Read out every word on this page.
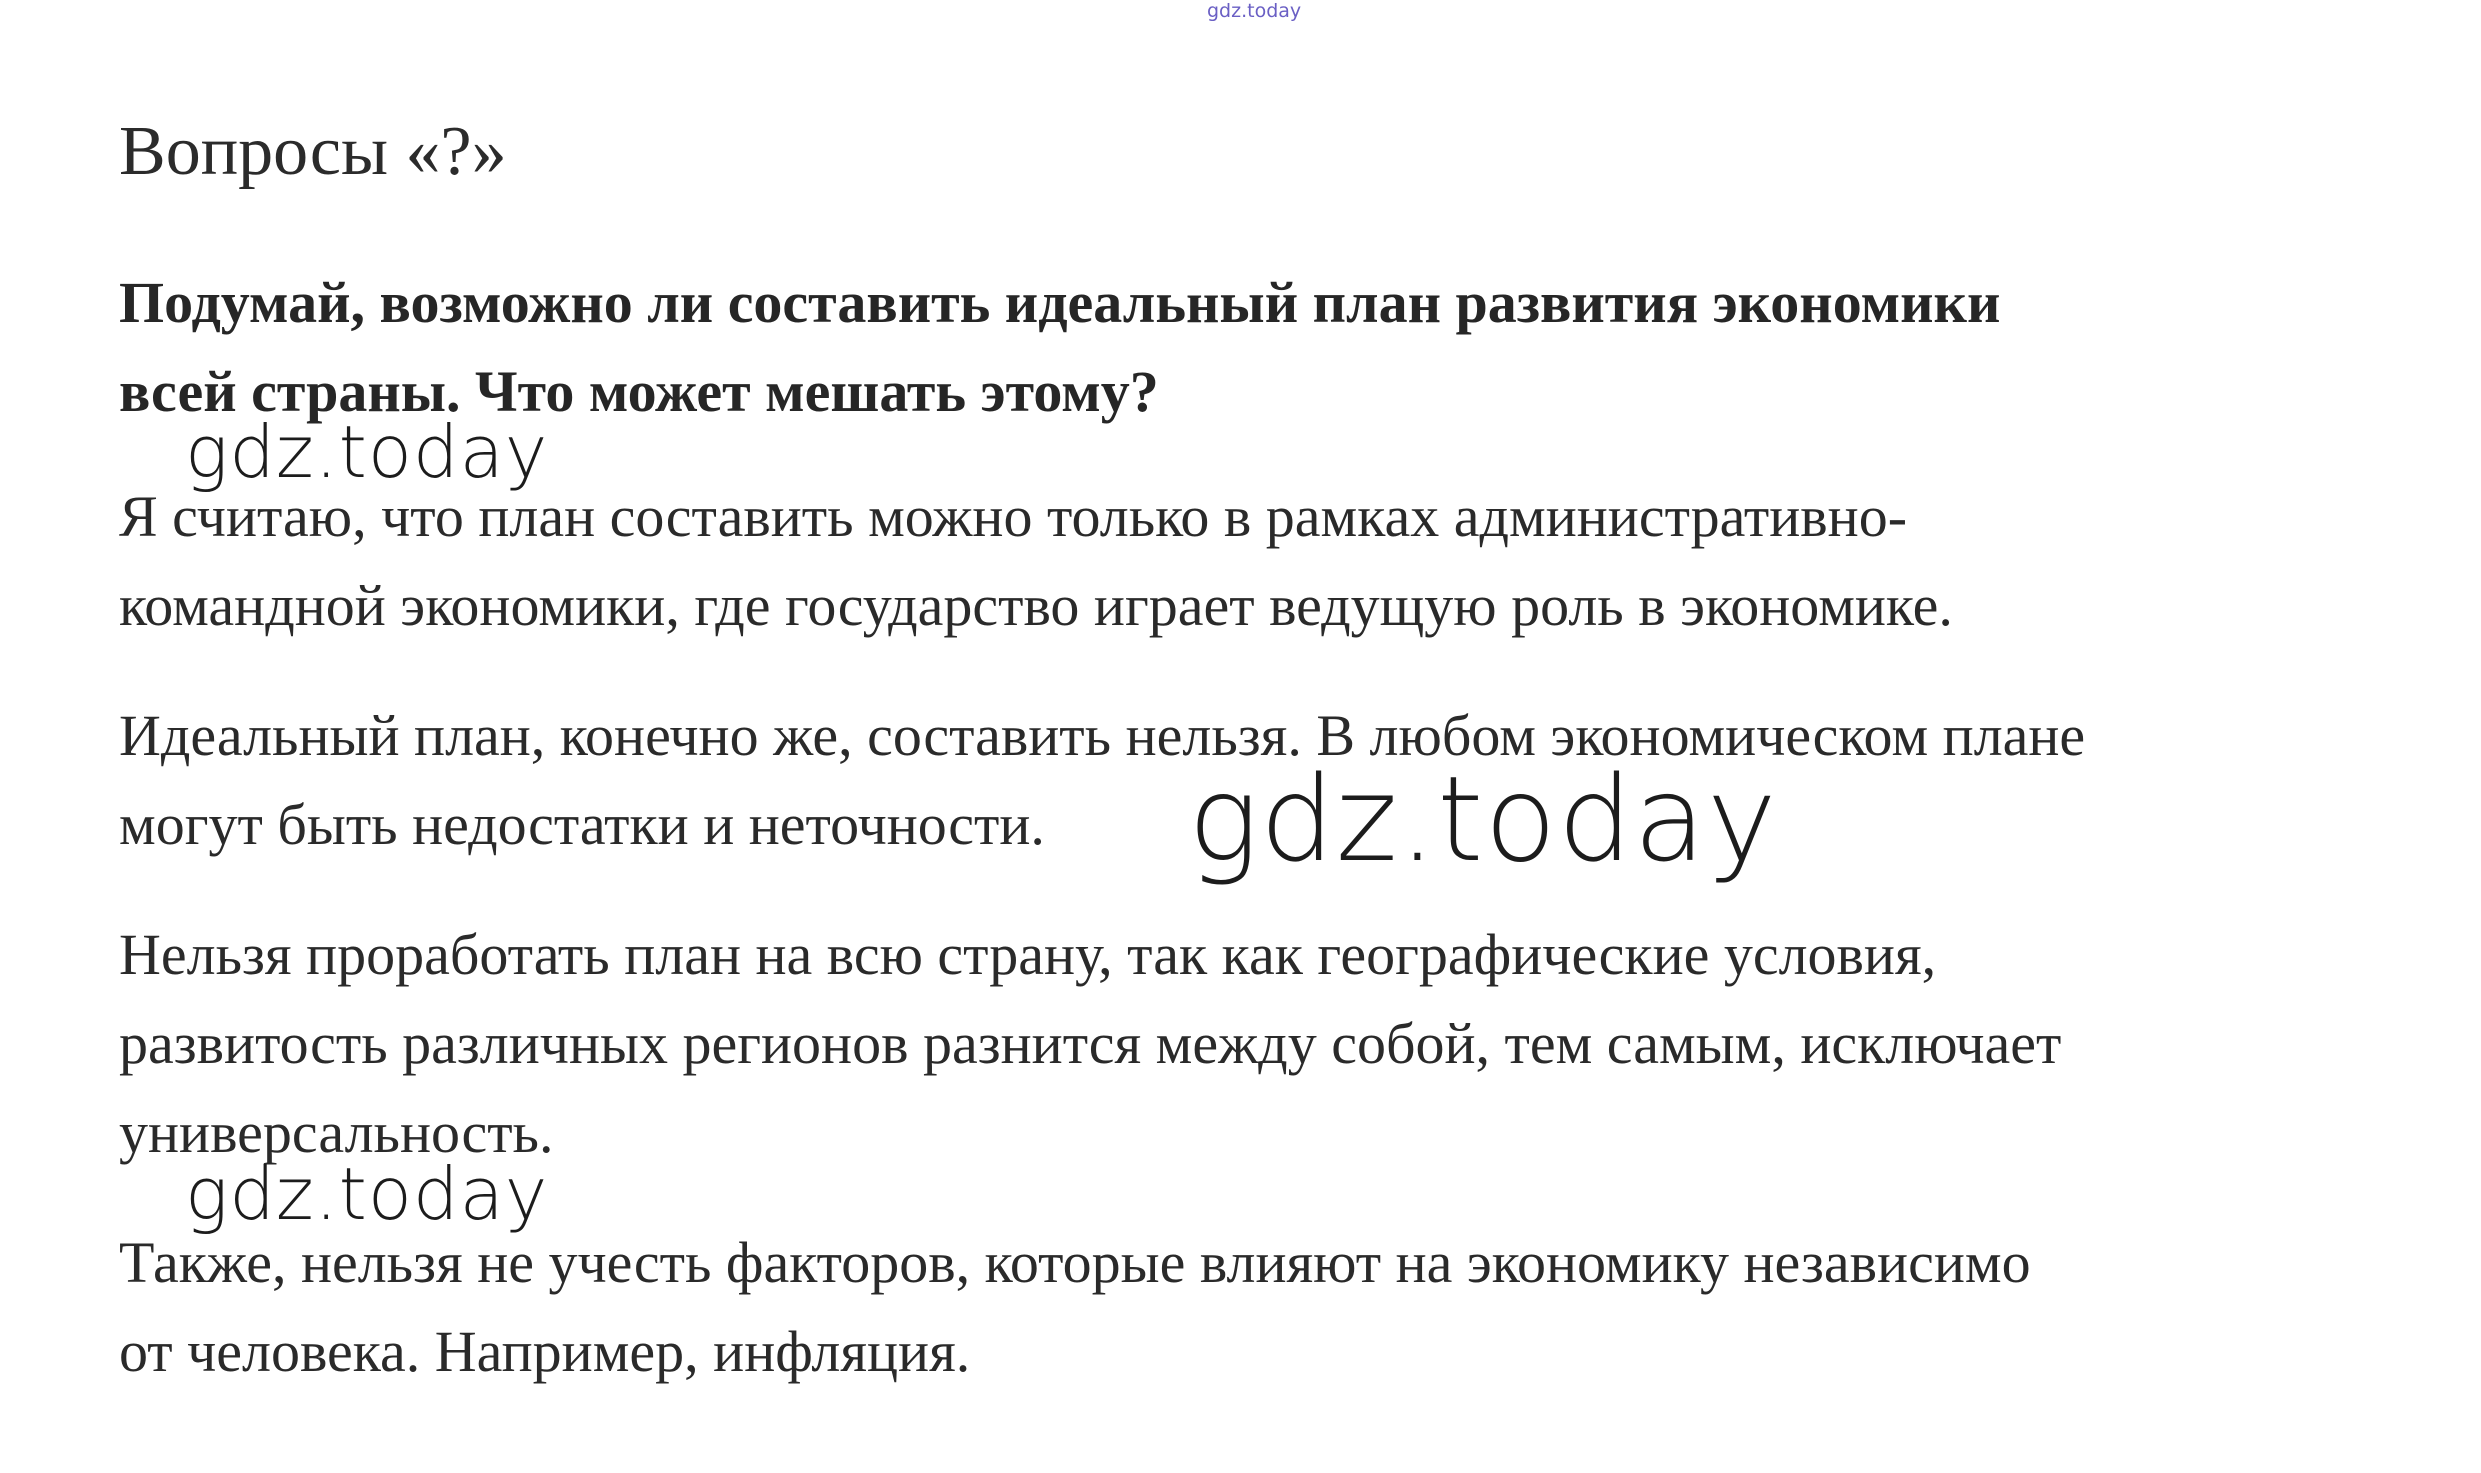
gdz.today
Вопросы «?»
Подумай, возможно ли составить идеальный план развития экономики
всей страны. Что может мешать этому?
Я считаю, что план составить можно только в рамках административно-
командной экономики, где государство играет ведущую роль в экономике.
Идеальный план, конечно же, составить нельзя. В любом экономическом плане
могут быть недостатки и неточности.
Нельзя проработать план на всю страну, так как географические условия,
развитость различных регионов разнится между собой, тем самым, исключает
универсальность.
Также, нельзя не учесть факторов, которые влияют на экономику независимо
от человека. Например, инфляция.
gdz.today
gdz.today
gdz.today
